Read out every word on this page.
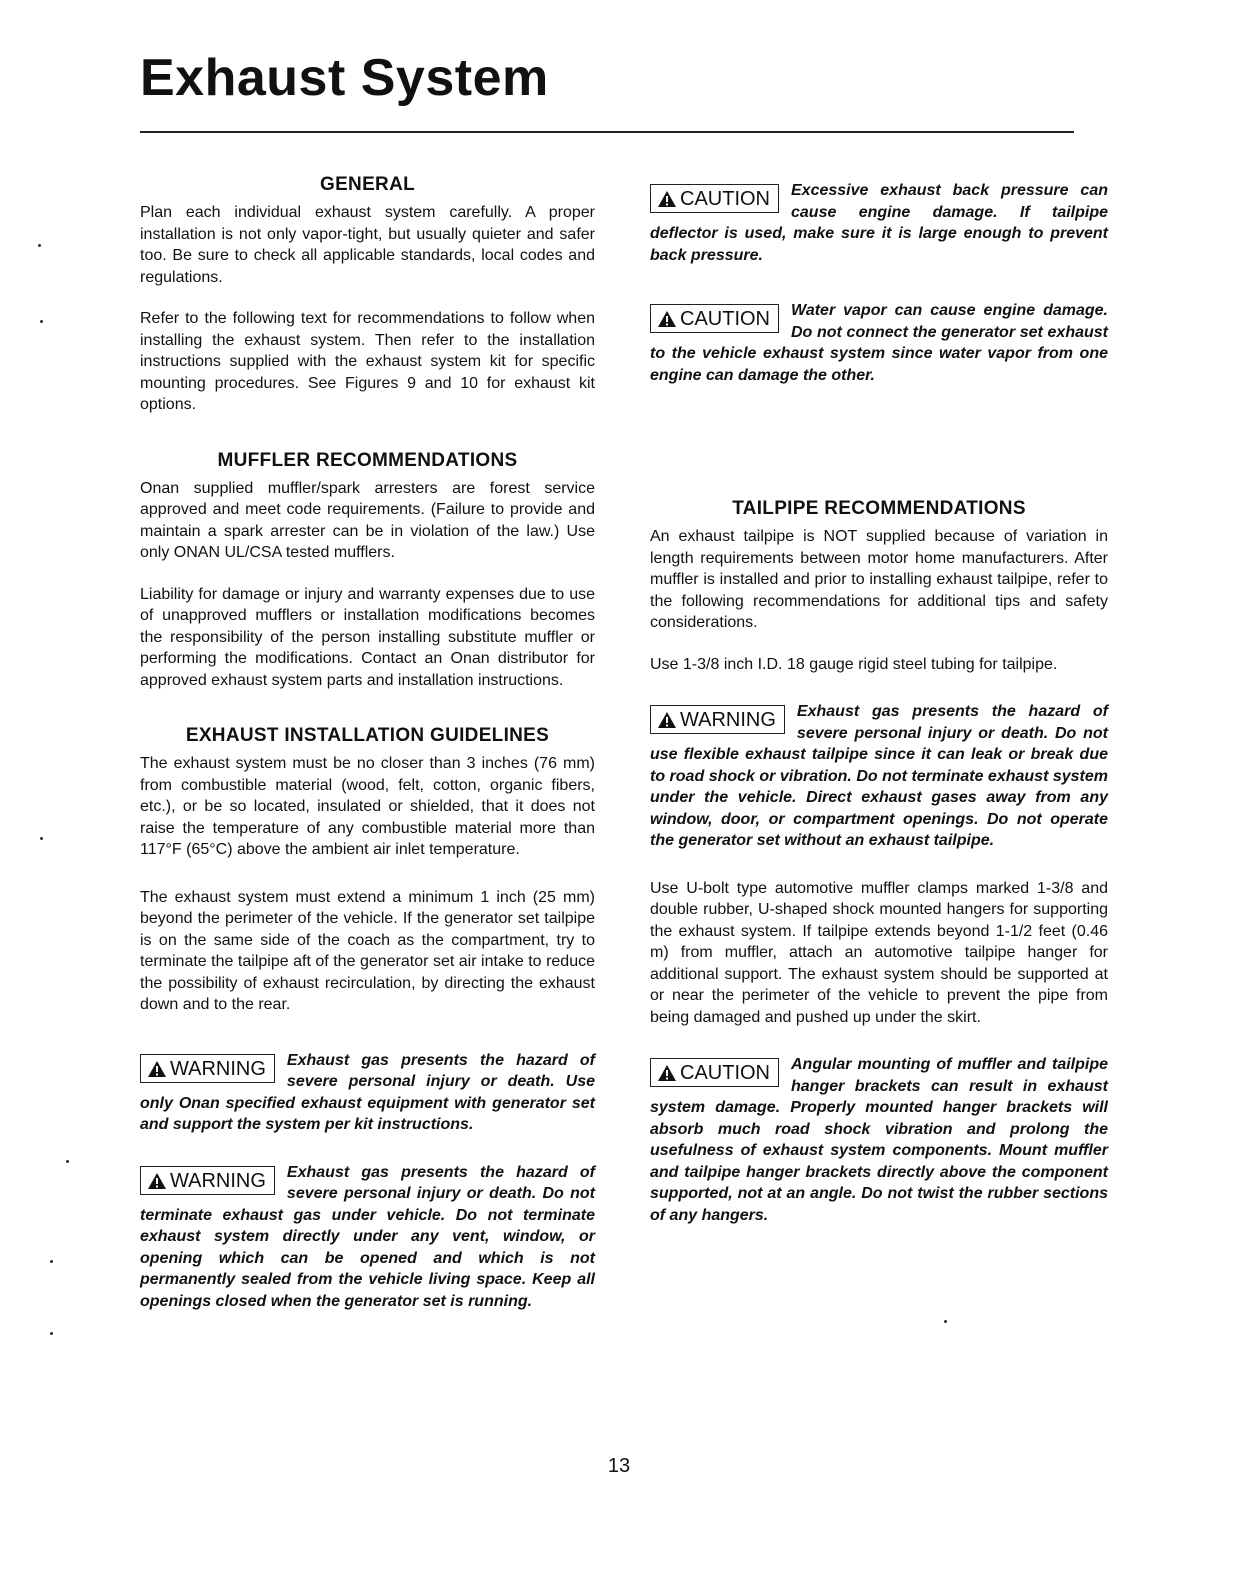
Exhaust System
GENERAL

Plan each individual exhaust system carefully. A proper installation is not only vapor-tight, but usually quieter and safer too. Be sure to check all applicable standards, local codes and regulations.

Refer to the following text for recommendations to follow when installing the exhaust system. Then refer to the installation instructions supplied with the exhaust system kit for specific mounting procedures. See Figures 9 and 10 for exhaust kit options.

MUFFLER RECOMMENDATIONS

Onan supplied muffler/spark arresters are forest service approved and meet code requirements. (Failure to provide and maintain a spark arrester can be in violation of the law.) Use only ONAN UL/CSA tested mufflers.

Liability for damage or injury and warranty expenses due to use of unapproved mufflers or installation modifications becomes the responsibility of the person installing substitute muffler or performing the modifications. Contact an Onan distributor for approved exhaust system parts and installation instructions.

EXHAUST INSTALLATION GUIDELINES

The exhaust system must be no closer than 3 inches (76 mm) from combustible material (wood, felt, cotton, organic fibers, etc.), or be so located, insulated or shielded, that it does not raise the temperature of any combustible material more than 117°F (65°C) above the ambient air inlet temperature.

The exhaust system must extend a minimum 1 inch (25 mm) beyond the perimeter of the vehicle. If the generator set tailpipe is on the same side of the coach as the compartment, try to terminate the tailpipe aft of the generator set air intake to reduce the possibility of exhaust recirculation, by directing the exhaust down and to the rear.

WARNING Exhaust gas presents the hazard of severe personal injury or death. Use only Onan specified exhaust equipment with generator set and support the system per kit instructions.
WARNING Exhaust gas presents the hazard of severe personal injury or death. Do not terminate exhaust gas under vehicle. Do not terminate exhaust system directly under any vent, window, or opening which can be opened and which is not permanently sealed from the vehicle living space. Keep all openings closed when the generator set is running.
CAUTION Excessive exhaust back pressure can cause engine damage. If tailpipe deflector is used, make sure it is large enough to prevent back pressure.
CAUTION Water vapor can cause engine damage. Do not connect the generator set exhaust to the vehicle exhaust system since water vapor from one engine can damage the other.
TAILPIPE RECOMMENDATIONS

An exhaust tailpipe is NOT supplied because of variation in length requirements between motor home manufacturers. After muffler is installed and prior to installing exhaust tailpipe, refer to the following recommendations for additional tips and safety considerations.

Use 1-3/8 inch I.D. 18 gauge rigid steel tubing for tailpipe.

WARNING Exhaust gas presents the hazard of severe personal injury or death. Do not use flexible exhaust tailpipe since it can leak or break due to road shock or vibration. Do not terminate exhaust system under the vehicle. Direct exhaust gases away from any window, door, or compartment openings. Do not operate the generator set without an exhaust tailpipe.

Use U-bolt type automotive muffler clamps marked 1-3/8 and double rubber, U-shaped shock mounted hangers for supporting the exhaust system. If tailpipe extends beyond 1-1/2 feet (0.46 m) from muffler, attach an automotive tailpipe hanger for additional support. The exhaust system should be supported at or near the perimeter of the vehicle to prevent the pipe from being damaged and pushed up under the skirt.

CAUTION Angular mounting of muffler and tailpipe hanger brackets can result in exhaust system damage. Properly mounted hanger brackets will absorb much road shock vibration and prolong the usefulness of exhaust system components. Mount muffler and tailpipe hanger brackets directly above the component supported, not at an angle. Do not twist the rubber sections of any hangers.
13
